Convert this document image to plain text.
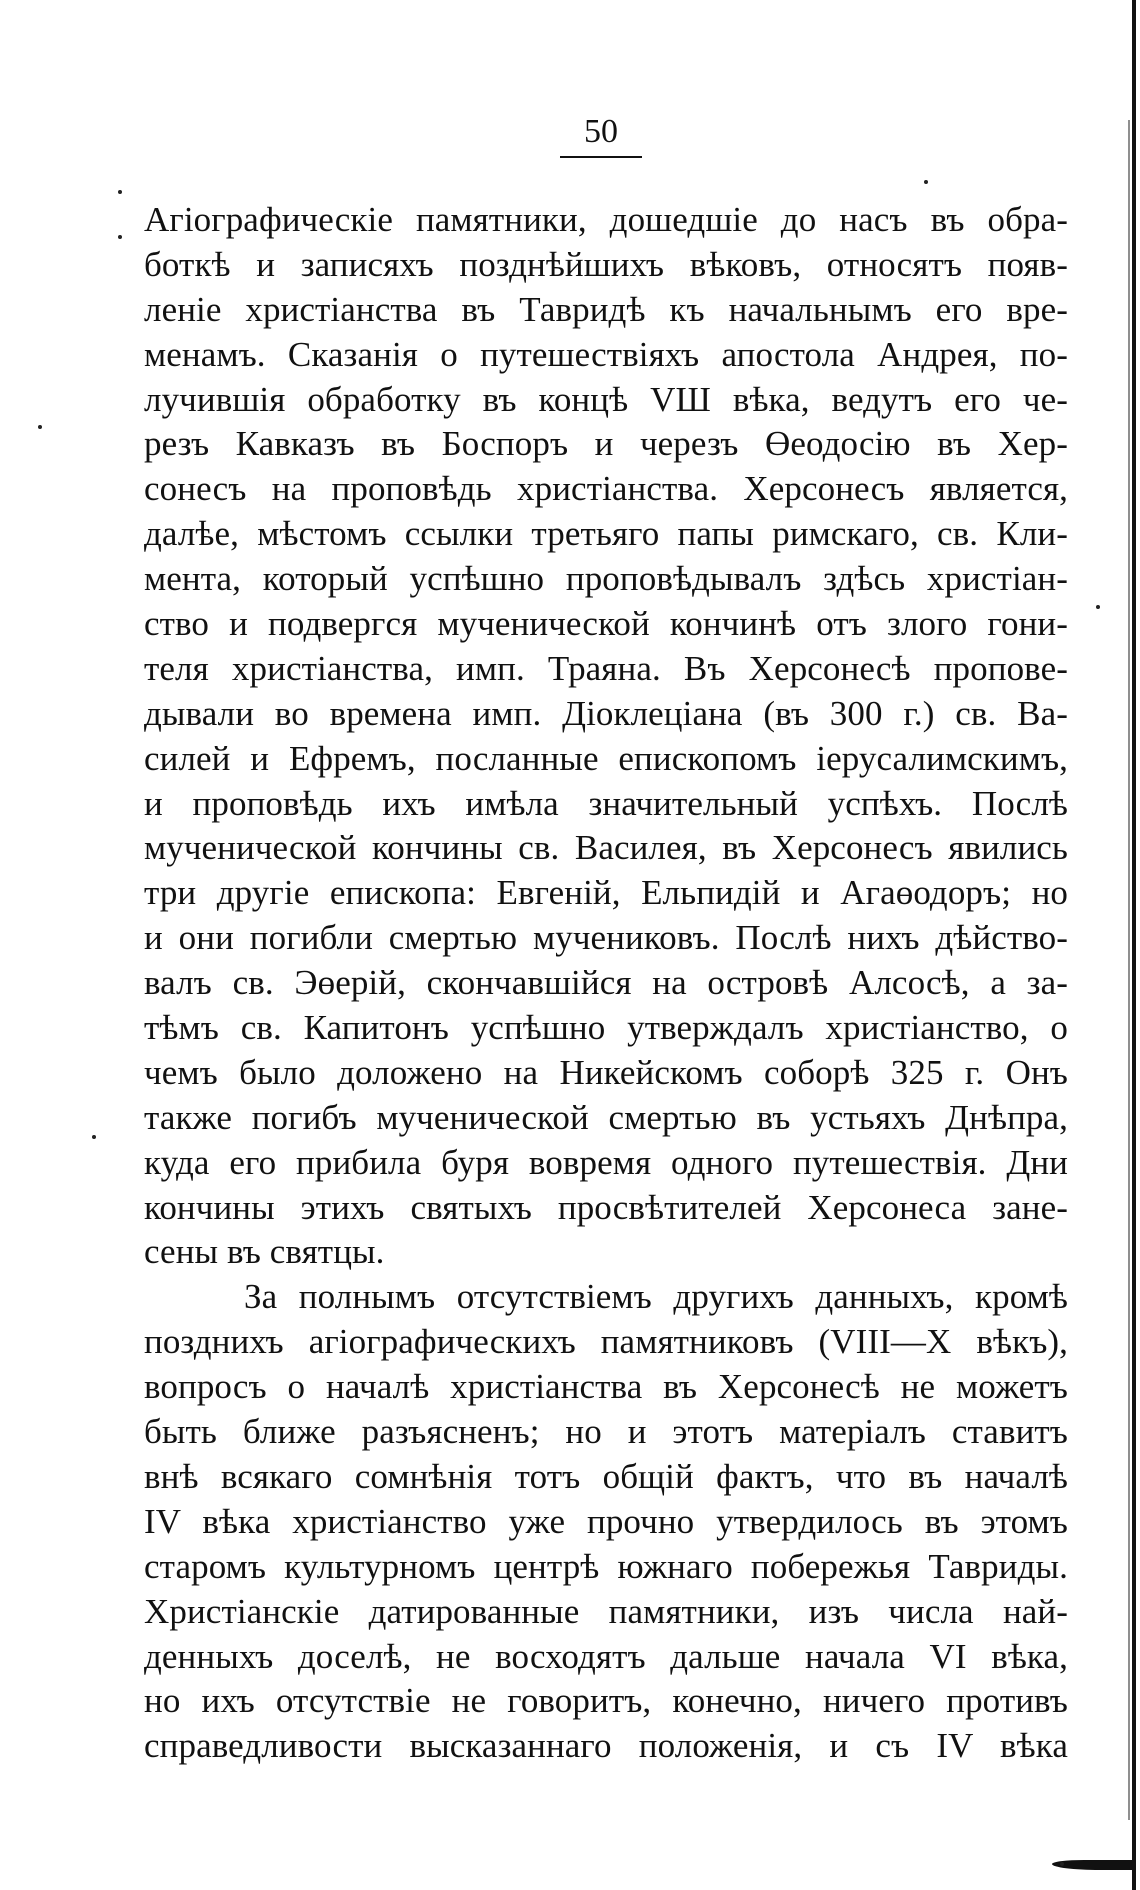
50
Агіографическіе памятники, дошедшіе до насъ въ обра-
боткѣ и записяхъ позднѣйшихъ вѣковъ, относятъ появ-
леніе христіанства въ Тавридѣ къ начальнымъ его вре-
менамъ. Сказанія о путешествіяхъ апостола Андрея, по-
лучившія обработку въ концѣ VШ вѣка, ведутъ его че-
резъ Кавказъ въ Боспоръ и черезъ Өеодосію въ Хер-
сонесъ на проповѣдь христіанства. Херсонесъ является,
далѣе, мѣстомъ ссылки третьяго папы римскаго, св. Кли-
мента, который успѣшно проповѣдывалъ здѣсь христіан-
ство и подвергся мученической кончинѣ отъ злого гони-
теля христіанства, имп. Траяна. Въ Херсонесѣ пропове-
дывали во времена имп. Діоклеціана (въ 300 г.) св. Ва-
силей и Ефремъ, посланные епископомъ іерусалимскимъ,
и проповѣдь ихъ имѣла значительный успѣхъ. Послѣ
мученической кончины св. Василея, въ Херсонесъ явились
три другіе епископа: Евгеній, Ельпидій и Агаөодоръ; но
и они погибли смертью мучениковъ. Послѣ нихъ дѣйство-
валъ св. Эөерій, скончавшійся на островѣ Алсосѣ, а за-
тѣмъ св. Капитонъ успѣшно утверждалъ христіанство, о
чемъ было доложено на Никейскомъ соборѣ 325 г. Онъ
также погибъ мученической смертью въ устьяхъ Днѣпра,
куда его прибила буря вовремя одного путешествія. Дни
кончины этихъ святыхъ просвѣтителей Херсонеса зане-
сены въ святцы.
За полнымъ отсутствіемъ другихъ данныхъ, кромѣ
позднихъ агіографическихъ памятниковъ (VIII—X вѣкъ),
вопросъ о началѣ христіанства въ Херсонесѣ не можетъ
быть ближе разъясненъ; но и этотъ матеріалъ ставитъ
внѣ всякаго сомнѣнія тотъ общій фактъ, что въ началѣ
IV вѣка христіанство уже прочно утвердилось въ этомъ
старомъ культурномъ центрѣ южнаго побережья Тавриды.
Христіанскіе датированные памятники, изъ числа най-
денныхъ доселѣ, не восходятъ дальше начала VI вѣка,
но ихъ отсутствіе не говоритъ, конечно, ничего противъ
справедливости высказаннаго положенія, и съ IV вѣка
